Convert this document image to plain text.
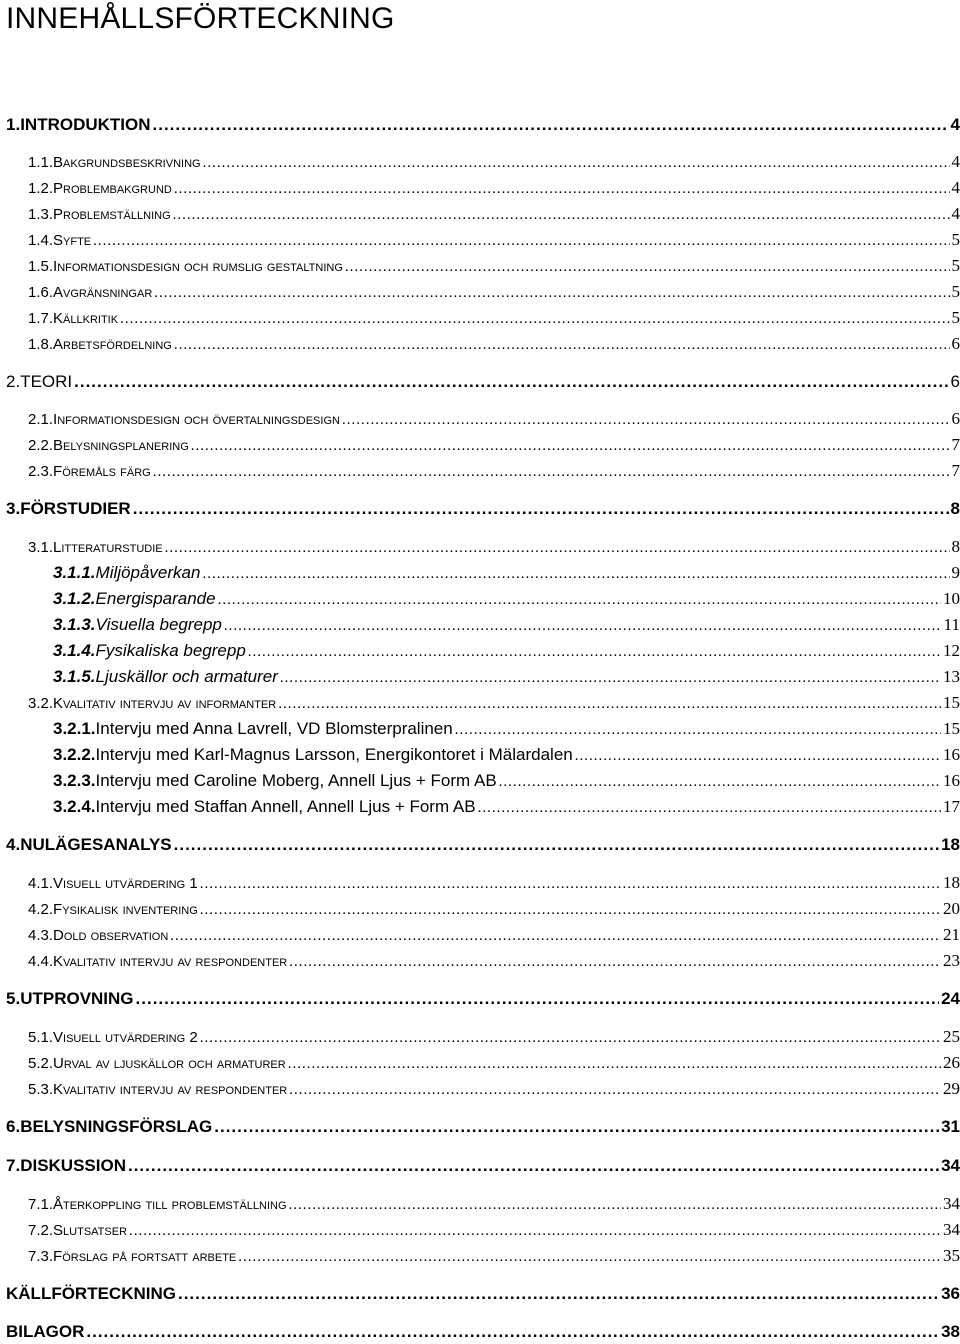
INNEHÅLLSFÖRTECKNING
1. INTRODUKTION .....	4
1.1. Bakgrundsbeskrivning .....	4
1.2. Problembakgrund .....	4
1.3. Problemställning .....	4
1.4. Syfte .....	5
1.5. Informationsdesign och rumslig gestaltning .....	5
1.6. Avgränsningar .....	5
1.7. Källkritik .....	5
1.8. Arbetsfördelning .....	6
2. TEORI .....	6
2.1. Informationsdesign och övertalningsdesign .....	6
2.2. Belysningsplanering .....	7
2.3. Föremåls färg .....	7
3. FÖRSTUDIER .....	8
3.1. Litteraturstudie .....	8
3.1.1. Miljöpåverkan .....	9
3.1.2. Energisparande .....	10
3.1.3. Visuella begrepp .....	11
3.1.4. Fysikaliska begrepp .....	12
3.1.5. Ljuskällor och armaturer .....	13
3.2. Kvalitativ intervju av informanter .....	15
3.2.1. Intervju med Anna Lavrell, VD Blomsterpralinen .....	15
3.2.2. Intervju med Karl-Magnus Larsson, Energikontoret i Mälardalen .....	16
3.2.3. Intervju med Caroline Moberg, Annell Ljus + Form AB .....	16
3.2.4. Intervju med Staffan Annell, Annell Ljus + Form AB .....	17
4. NULÄGESANALYS .....	18
4.1. Visuell utvärdering 1 .....	18
4.2. Fysikalisk inventering .....	20
4.3. Dold observation .....	21
4.4. Kvalitativ intervju av respondenter .....	23
5. UTPROVNING .....	24
5.1. Visuell utvärdering 2 .....	25
5.2. Urval av ljuskällor och armaturer .....	26
5.3. Kvalitativ intervju av respondenter .....	29
6. BELYSNINGSFÖRSLAG .....	31
7. DISKUSSION .....	34
7.1. Återkoppling till problemställning .....	34
7.2. Slutsatser .....	34
7.3. Förslag på fortsatt arbete .....	35
KÄLLFÖRTECKNING .....	36
BILAGOR .....	38
